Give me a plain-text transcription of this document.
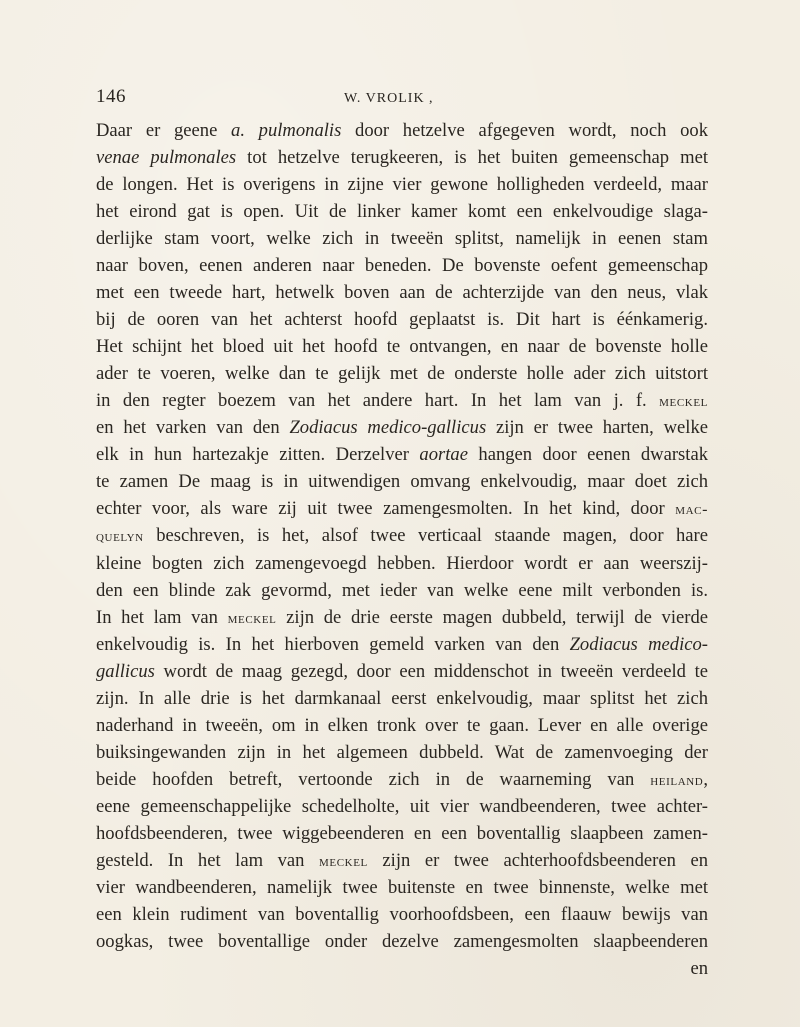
146	W. VROLIK ,
Daar er geene a. pulmonalis door hetzelve afgegeven wordt, noch ook
venae pulmonales tot hetzelve terugkeeren, is het buiten gemeenschap met
de longen. Het is overigens in zijne vier gewone holligheden verdeeld, maar
het eirond gat is open. Uit de linker kamer komt een enkelvoudige slaga-
derlijke stam voort, welke zich in tweeën splitst, namelijk in eenen stam
naar boven, eenen anderen naar beneden. De bovenste oefent gemeenschap
met een tweede hart, hetwelk boven aan de achterzijde van den neus, vlak
bij de ooren van het achterst hoofd geplaatst is. Dit hart is éénkamerig.
Het schijnt het bloed uit het hoofd te ontvangen, en naar de bovenste holle
ader te voeren, welke dan te gelijk met de onderste holle ader zich uitstort
in den regter boezem van het andere hart. In het lam van j. f. meckel
en het varken van den Zodiacus medico-gallicus zijn er twee harten, welke
elk in hun hartezakje zitten. Derzelver aortae hangen door eenen dwarstak
te zamen De maag is in uitwendigen omvang enkelvoudig, maar doet zich
echter voor, als ware zij uit twee zamengesmolten. In het kind, door mac-
quelyn beschreven, is het, alsof twee verticaal staande magen, door hare
kleine bogten zich zamengevoegd hebben. Hierdoor wordt er aan weerszij-
den een blinde zak gevormd, met ieder van welke eene milt verbonden is.
In het lam van meckel zijn de drie eerste magen dubbeld, terwijl de vierde
enkelvoudig is. In het hierboven gemeld varken van den Zodiacus medico-
gallicus wordt de maag gezegd, door een middenschot in tweeën verdeeld te
zijn. In alle drie is het darmkanaal eerst enkelvoudig, maar splitst het zich
naderhand in tweeën, om in elken tronk over te gaan. Lever en alle overige
buiksingewanden zijn in het algemeen dubbeld. Wat de zamenvoeging der
beide hoofden betreft, vertoonde zich in de waarneming van heiland,
eene gemeenschappelijke schedelholte, uit vier wandbeenderen, twee achter-
hoofdsbeenderen, twee wiggebeenderen en een boventallig slaapbeen zamen-
gesteld. In het lam van meckel zijn er twee achterhoofdsbeenderen en
vier wandbeenderen, namelijk twee buitenste en twee binnenste, welke met
een klein rudiment van boventallig voorhoofdsbeen, een flaauw bewijs van
oogkas, twee boventallige onder dezelve zamengesmolten slaapbeenderen
en
